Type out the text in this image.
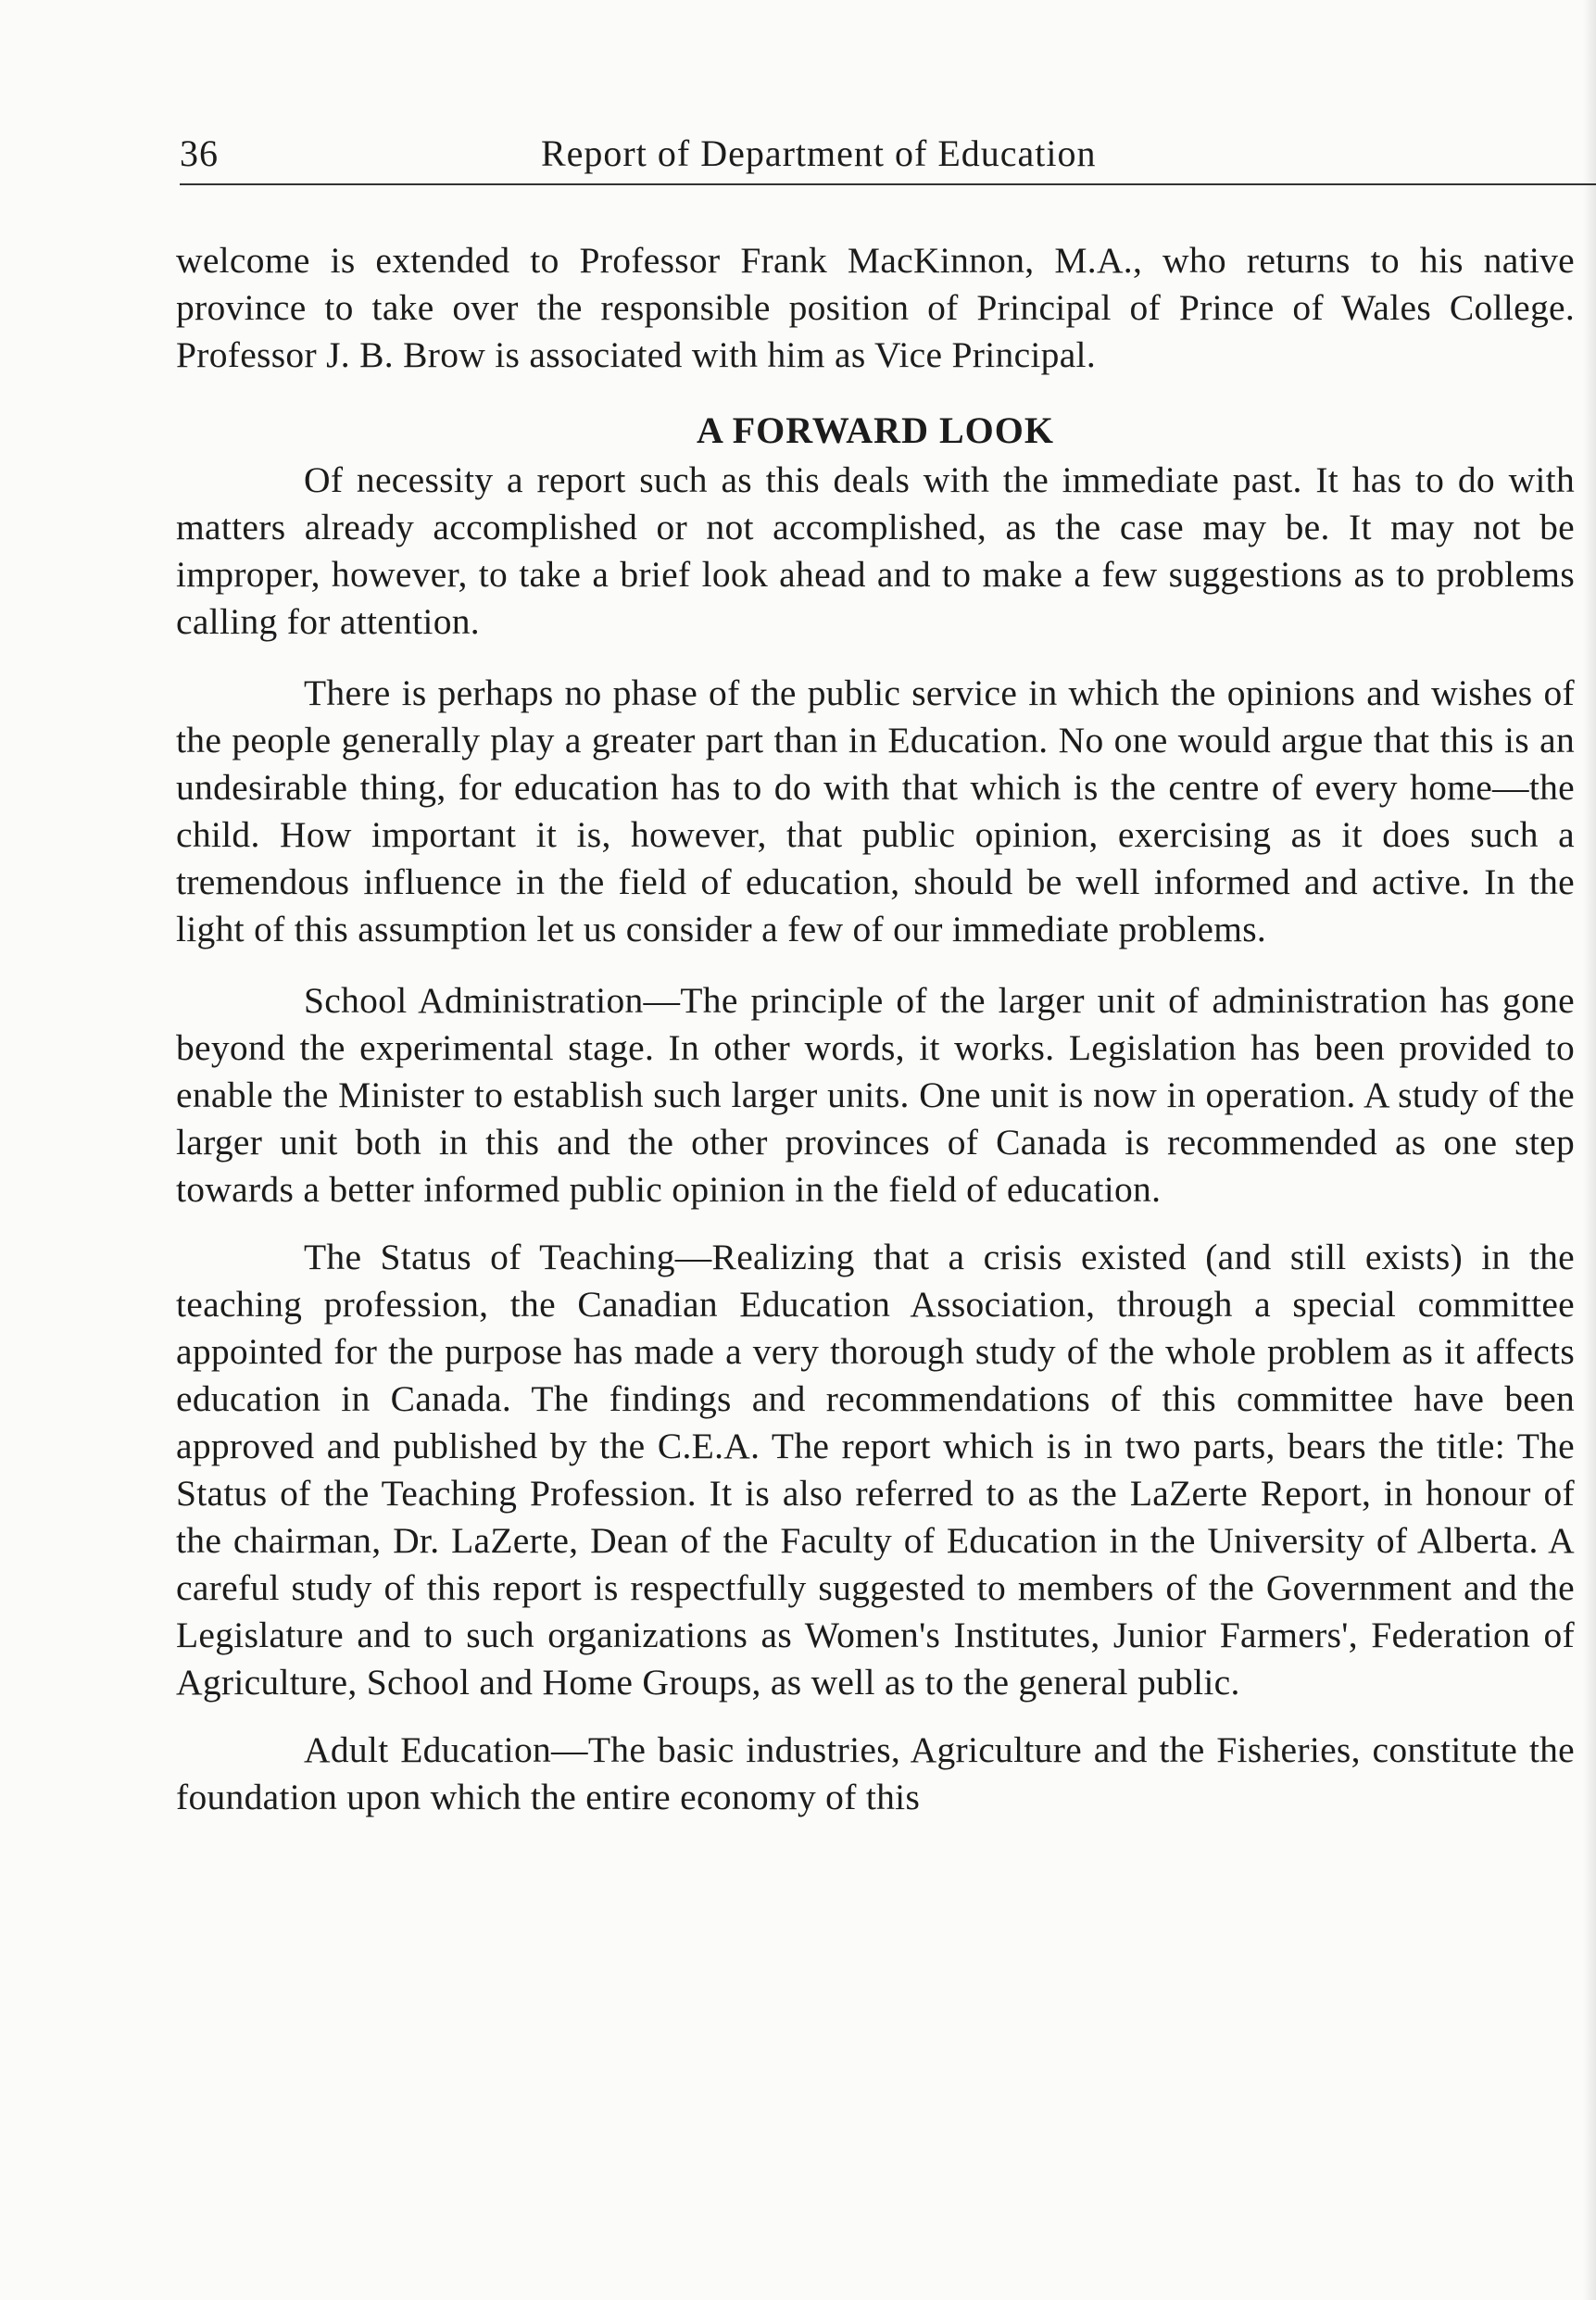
36	Report of Department of Education

welcome is extended to Professor Frank MacKinnon, M.A., who returns to his native province to take over the responsible position of Principal of Prince of Wales College. Professor J. B. Brow is associated with him as Vice Principal.

A FORWARD LOOK

Of necessity a report such as this deals with the immediate past. It has to do with matters already accomplished or not accomplished, as the case may be. It may not be improper, however, to take a brief look ahead and to make a few suggestions as to problems calling for attention.

There is perhaps no phase of the public service in which the opinions and wishes of the people generally play a greater part than in Education. No one would argue that this is an undesirable thing, for education has to do with that which is the centre of every home—the child. How important it is, however, that public opinion, exercising as it does such a tremendous influence in the field of education, should be well informed and active. In the light of this assumption let us consider a few of our immediate problems.

School Administration—The principle of the larger unit of administration has gone beyond the experimental stage. In other words, it works. Legislation has been provided to enable the Minister to establish such larger units. One unit is now in operation. A study of the larger unit both in this and the other provinces of Canada is recommended as one step towards a better informed public opinion in the field of education.

The Status of Teaching—Realizing that a crisis existed (and still exists) in the teaching profession, the Canadian Education Association, through a special committee appointed for the purpose has made a very thorough study of the whole problem as it affects education in Canada. The findings and recommendations of this committee have been approved and published by the C.E.A. The report which is in two parts, bears the title: The Status of the Teaching Profession. It is also referred to as the LaZerte Report, in honour of the chairman, Dr. LaZerte, Dean of the Faculty of Education in the University of Alberta. A careful study of this report is respectfully suggested to members of the Government and the Legislature and to such organizations as Women's Institutes, Junior Farmers', Federation of Agriculture, School and Home Groups, as well as to the general public.

Adult Education—The basic industries, Agriculture and the Fisheries, constitute the foundation upon which the entire economy of this
